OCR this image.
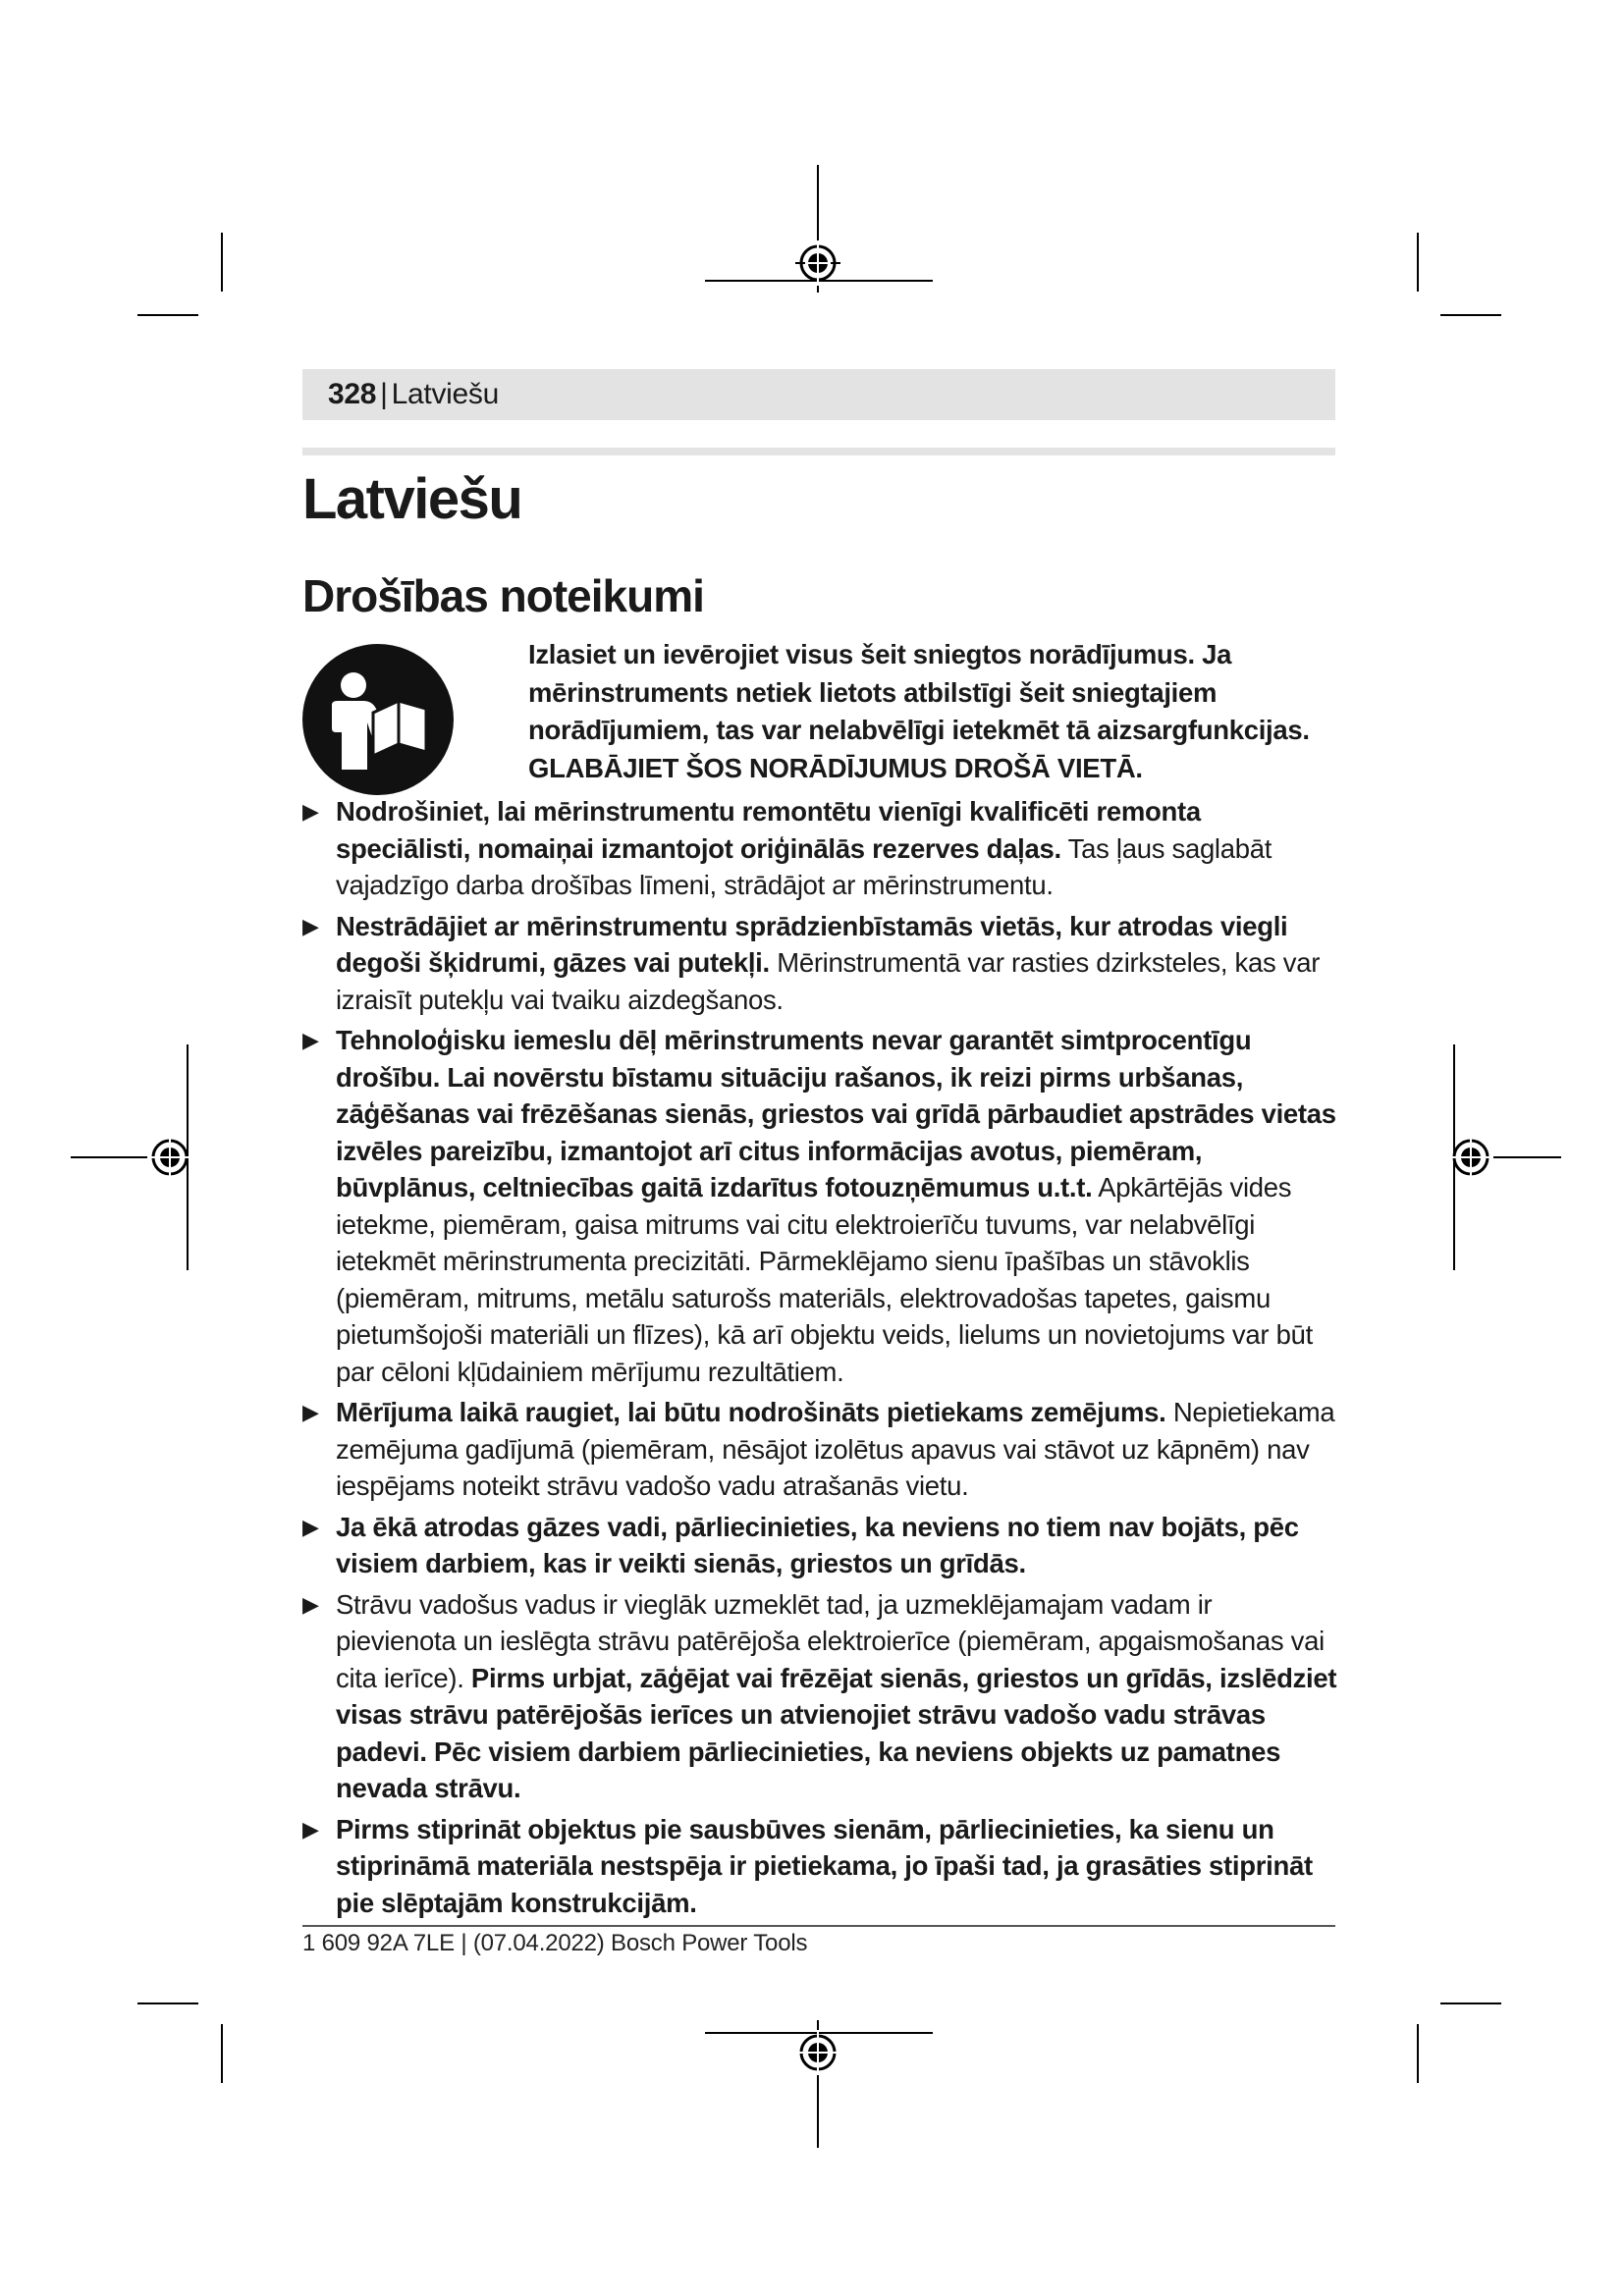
328 | Latviešu
Latviešu
Drošības noteikumi

Izlasiet un ievērojiet visus šeit sniegtos norādījumus. Ja mērinstruments netiek lietots atbilstīgi šeit sniegtajiem norādījumiem, tas var nelabvēlīgi ietekmēt tā aizsargfunkcijas. GLABĀJIET ŠOS NORĀDĪJUMUS DROŠĀ VIETĀ.

▶ Nodrošiniet, lai mērinstrumentu remontētu vienīgi kvalificēti remonta speciālisti, nomaiņai izmantojot oriģinālās rezerves daļas. Tas ļaus saglabāt vajadzīgo darba drošības līmeni, strādājot ar mērinstrumentu.
▶ Nestrādājiet ar mērinstrumentu sprādzienbīstamās vietās, kur atrodas viegli degoši šķidrumi, gāzes vai putekļi. Mērinstrumentā var rasties dzirksteles, kas var izraisīt putekļu vai tvaiku aizdegšanos.
▶ Tehnoloģisku iemeslu dēļ mērinstruments nevar garantēt simtprocentīgu drošību. Lai novērstu bīstamu situāciju rašanos, ik reizi pirms urbšanas, zāģēšanas vai frēzēšanas sienās, griestos vai grīdā pārbaudiet apstrādes vietas izvēles pareizību, izmantojot arī citus informācijas avotus, piemēram, būvplānus, celtniecības gaitā izdarītus fotouzņēmumus u.t.t. Apkārtējās vides ietekme, piemēram, gaisa mitrums vai citu elektroierīču tuvums, var nelabvēlīgi ietekmēt mērinstrumenta precizitāti. Pārmeklējamo sienu īpašības un stāvoklis (piemēram, mitrums, metālu saturošs materiāls, elektrovadošas tapetes, gaismu pietumšojoši materiāli un flīzes), kā arī objektu veids, lielums un novietojums var būt par cēloni kļūdainiem mērījumu rezultātiem.
▶ Mērījuma laikā raugiet, lai būtu nodrošināts pietiekams zemējums. Nepietiekama zemējuma gadījumā (piemēram, nēsājot izolētus apavus vai stāvot uz kāpnēm) nav iespējams noteikt strāvu vadošo vadu atrašanās vietu.
▶ Ja ēkā atrodas gāzes vadi, pārliecinieties, ka neviens no tiem nav bojāts, pēc visiem darbiem, kas ir veikti sienās, griestos un grīdās.
▶ Strāvu vadošus vadus ir vieglāk uzmeklēt tad, ja uzmeklējamajam vadam ir pievienota un ieslēgta strāvu patērējoša elektroierīce (piemēram, apgaismošanas vai cita ierīce). Pirms urbjat, zāģējat vai frēzējat sienās, griestos un grīdās, izslēdziet visas strāvu patērējošās ierīces un atvienojiet strāvu vadošo vadu strāvas padevi. Pēc visiem darbiem pārliecinieties, ka neviens objekts uz pamatnes nevada strāvu.
▶ Pirms stiprināt objektus pie sausbūves sienām, pārliecinieties, ka sienu un stiprināmā materiāla nestspēja ir pietiekama, jo īpaši tad, ja grasāties stiprināt pie slēptajām konstrukcijām.
1 609 92A 7LE | (07.04.2022) Bosch Power Tools
